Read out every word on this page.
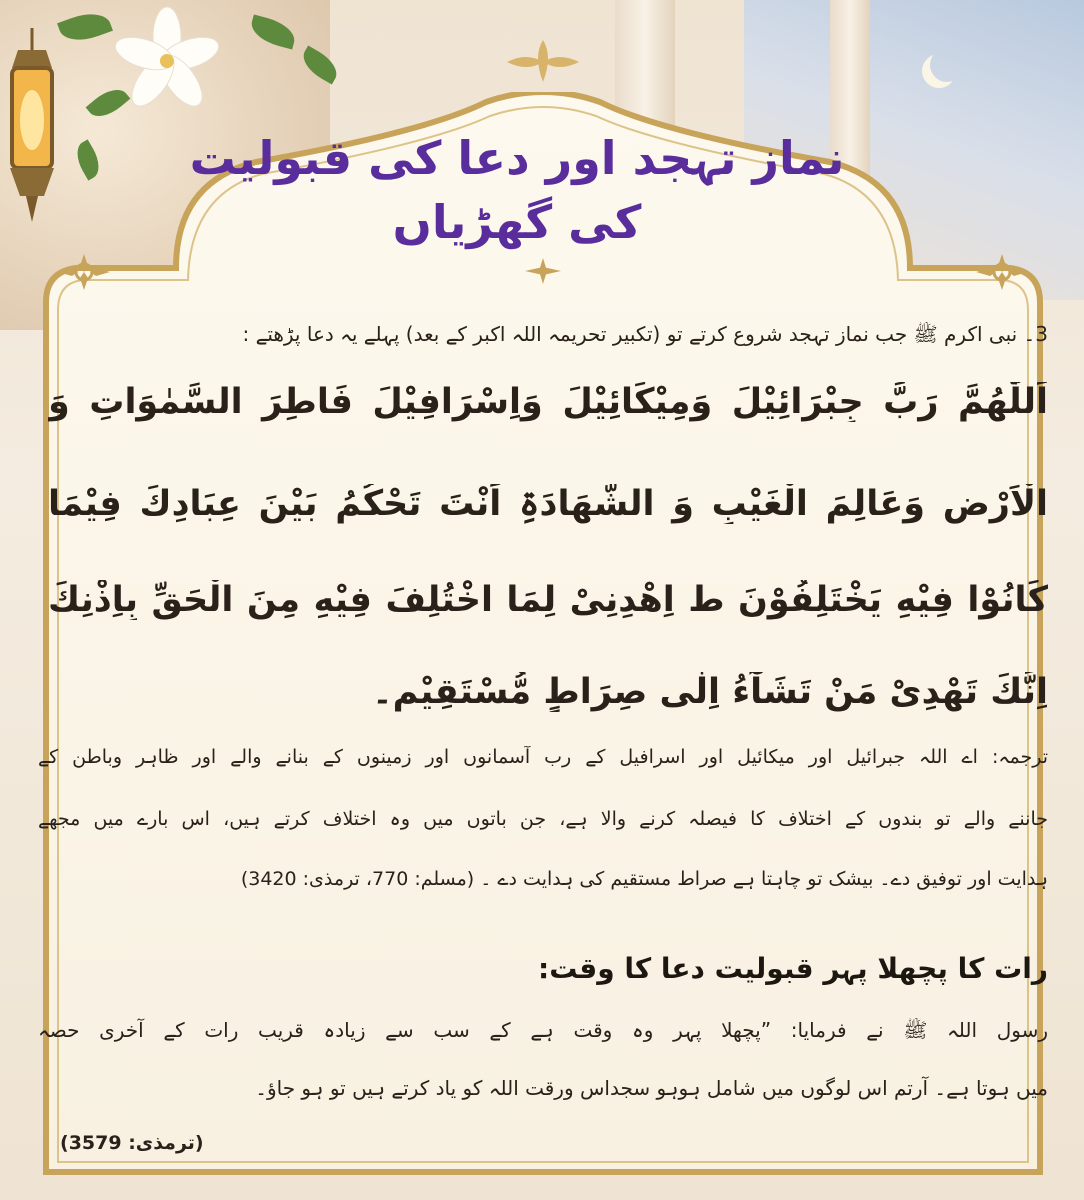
نماز تہجد اور دعا کی قبولیت
کی گھڑیاں
3۔ نبی اکرم ﷺ جب نماز تہجد شروع کرتے تو (تکبیر تحریمہ اللہ اکبر کے بعد) پہلے یہ دعا پڑھتے :
اَللّٰھُمَّ رَبَّ جِبْرَائِیْلَ وَمِیْکَائِیْلَ وَاِسْرَافِیْلَ فَاطِرَ السَّمٰوَاتِ وَ
الْاَرْضِ وَعَالِمَ الْغَیْبِ وَ الشَّھَادَۃِ اَنْتَ تَحْکُمُ بَیْنَ عِبَادِكَ فِیْمَا
كَانُوْا فِیْهِ یَخْتَلِفُوْنَ ط اِهْدِنِیْ لِمَا اخْتُلِفَ فِیْهِ مِنَ الْحَقِّ بِاِذْنِكَ
اِنَّكَ تَھْدِیْ مَنْ تَشَآءُ اِلٰی صِرَاطٍ مُّسْتَقِیْمٍ۔
ترجمہ: اے اللہ جبرائیل اور میکائیل اور اسرافیل کے رب آسمانوں اور زمینوں کے بنانے والے اور ظاہر وباطن کے
جاننے والے تو بندوں کے اختلاف کا فیصلہ کرنے والا ہے، جن باتوں میں وہ اختلاف کرتے ہیں، اس بارے میں مجھے
ہدایت اور توفیق دے۔ بیشک تو چاہتا ہے صراط مستقیم کی ہدایت دے ۔ (مسلم: 770، ترمذی: 3420)
رات کا پچھلا پہر قبولیت دعا کا وقت:
رسول اللہ ﷺ نے فرمایا: ”پچھلا پہر وہ وقت ہے کے سب سے زیادہ قریب رات کے آخری حصہ
میں ہوتا ہے۔ آرتم اس لوگوں میں شامل ہوہو سجداس ورقت اللہ کو یاد کرتے ہیں تو ہو جاؤ۔
(ترمذی: 3579)
